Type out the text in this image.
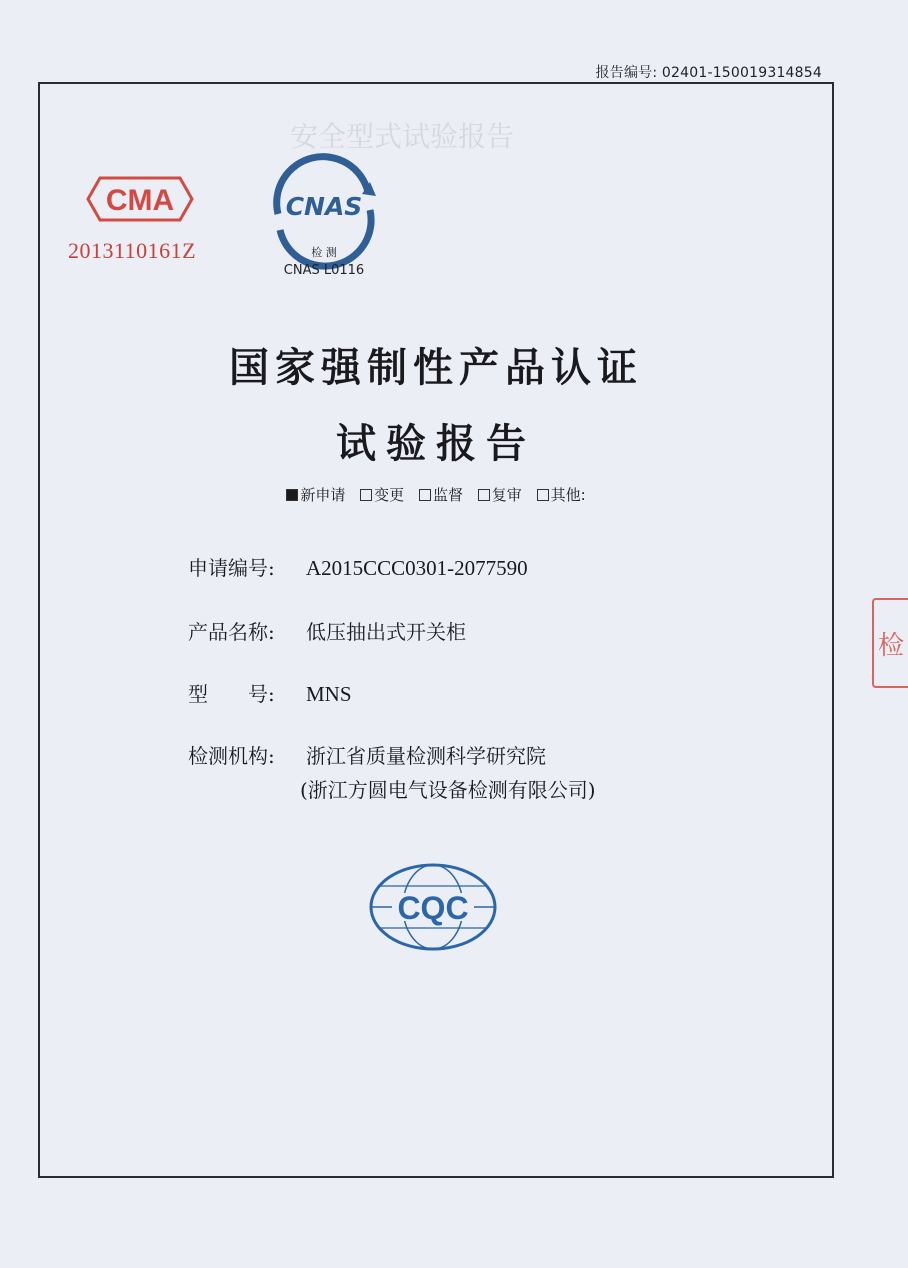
报告编号: 02401-150019314854
安全型式试验报告
CMA
2013110161Z
CNAS
检 测
CNAS L0116
国家强制性产品认证
试验报告
新申请 变更 监督 复审 其他:
申请编号: A2015CCC0301-2077590
产品名称: 低压抽出式开关柜
型　　号: MNS
检测机构: 浙江省质量检测科学研究院
(浙江方圆电气设备检测有限公司)
CQC
检
